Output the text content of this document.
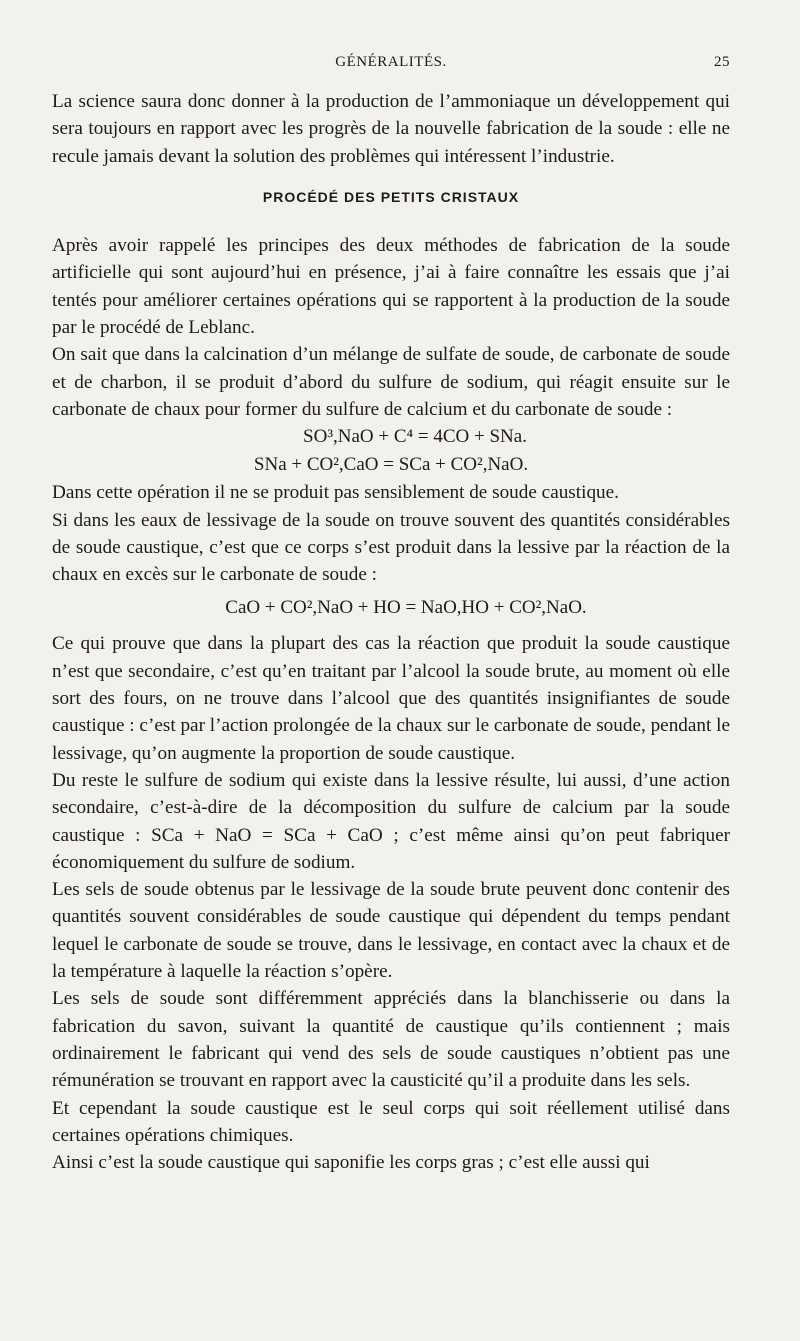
GÉNÉRALITÉS.	25

La science saura donc donner à la production de l’ammoniaque un développement qui sera toujours en rapport avec les progrès de la nouvelle fabrication de la soude : elle ne recule jamais devant la solution des problèmes qui intéressent l’industrie.

PROCÉDÉ DES PETITS CRISTAUX

Après avoir rappelé les principes des deux méthodes de fabrication de la soude artificielle qui sont aujourd’hui en présence, j’ai à faire connaître les essais que j’ai tentés pour améliorer certaines opérations qui se rapportent à la production de la soude par le procédé de Leblanc.

On sait que dans la calcination d’un mélange de sulfate de soude, de carbonate de soude et de charbon, il se produit d’abord du sulfure de sodium, qui réagit ensuite sur le carbonate de chaux pour former du sulfure de calcium et du carbonate de soude :

SO³,NaO + C⁴ = 4CO + SNa.
SNa + CO²,CaO = SCa + CO²,NaO.

Dans cette opération il ne se produit pas sensiblement de soude caustique.

Si dans les eaux de lessivage de la soude on trouve souvent des quantités considérables de soude caustique, c’est que ce corps s’est produit dans la lessive par la réaction de la chaux en excès sur le carbonate de soude :

CaO + CO²,NaO + HO = NaO,HO + CO²,NaO.

Ce qui prouve que dans la plupart des cas la réaction que produit la soude caustique n’est que secondaire, c’est qu’en traitant par l’alcool la soude brute, au moment où elle sort des fours, on ne trouve dans l’alcool que des quantités insignifiantes de soude caustique : c’est par l’action prolongée de la chaux sur le carbonate de soude, pendant le lessivage, qu’on augmente la proportion de soude caustique.

Du reste le sulfure de sodium qui existe dans la lessive résulte, lui aussi, d’une action secondaire, c’est-à-dire de la décomposition du sulfure de calcium par la soude caustique : SCa + NaO = SCa + CaO ; c’est même ainsi qu’on peut fabriquer économiquement du sulfure de sodium.

Les sels de soude obtenus par le lessivage de la soude brute peuvent donc contenir des quantités souvent considérables de soude caustique qui dépendent du temps pendant lequel le carbonate de soude se trouve, dans le lessivage, en contact avec la chaux et de la température à laquelle la réaction s’opère.

Les sels de soude sont différemment appréciés dans la blanchisserie ou dans la fabrication du savon, suivant la quantité de caustique qu’ils contiennent ; mais ordinairement le fabricant qui vend des sels de soude caustiques n’obtient pas une rémunération se trouvant en rapport avec la causticité qu’il a produite dans les sels.

Et cependant la soude caustique est le seul corps qui soit réellement utilisé dans certaines opérations chimiques.

Ainsi c’est la soude caustique qui saponifie les corps gras ; c’est elle aussi qui
